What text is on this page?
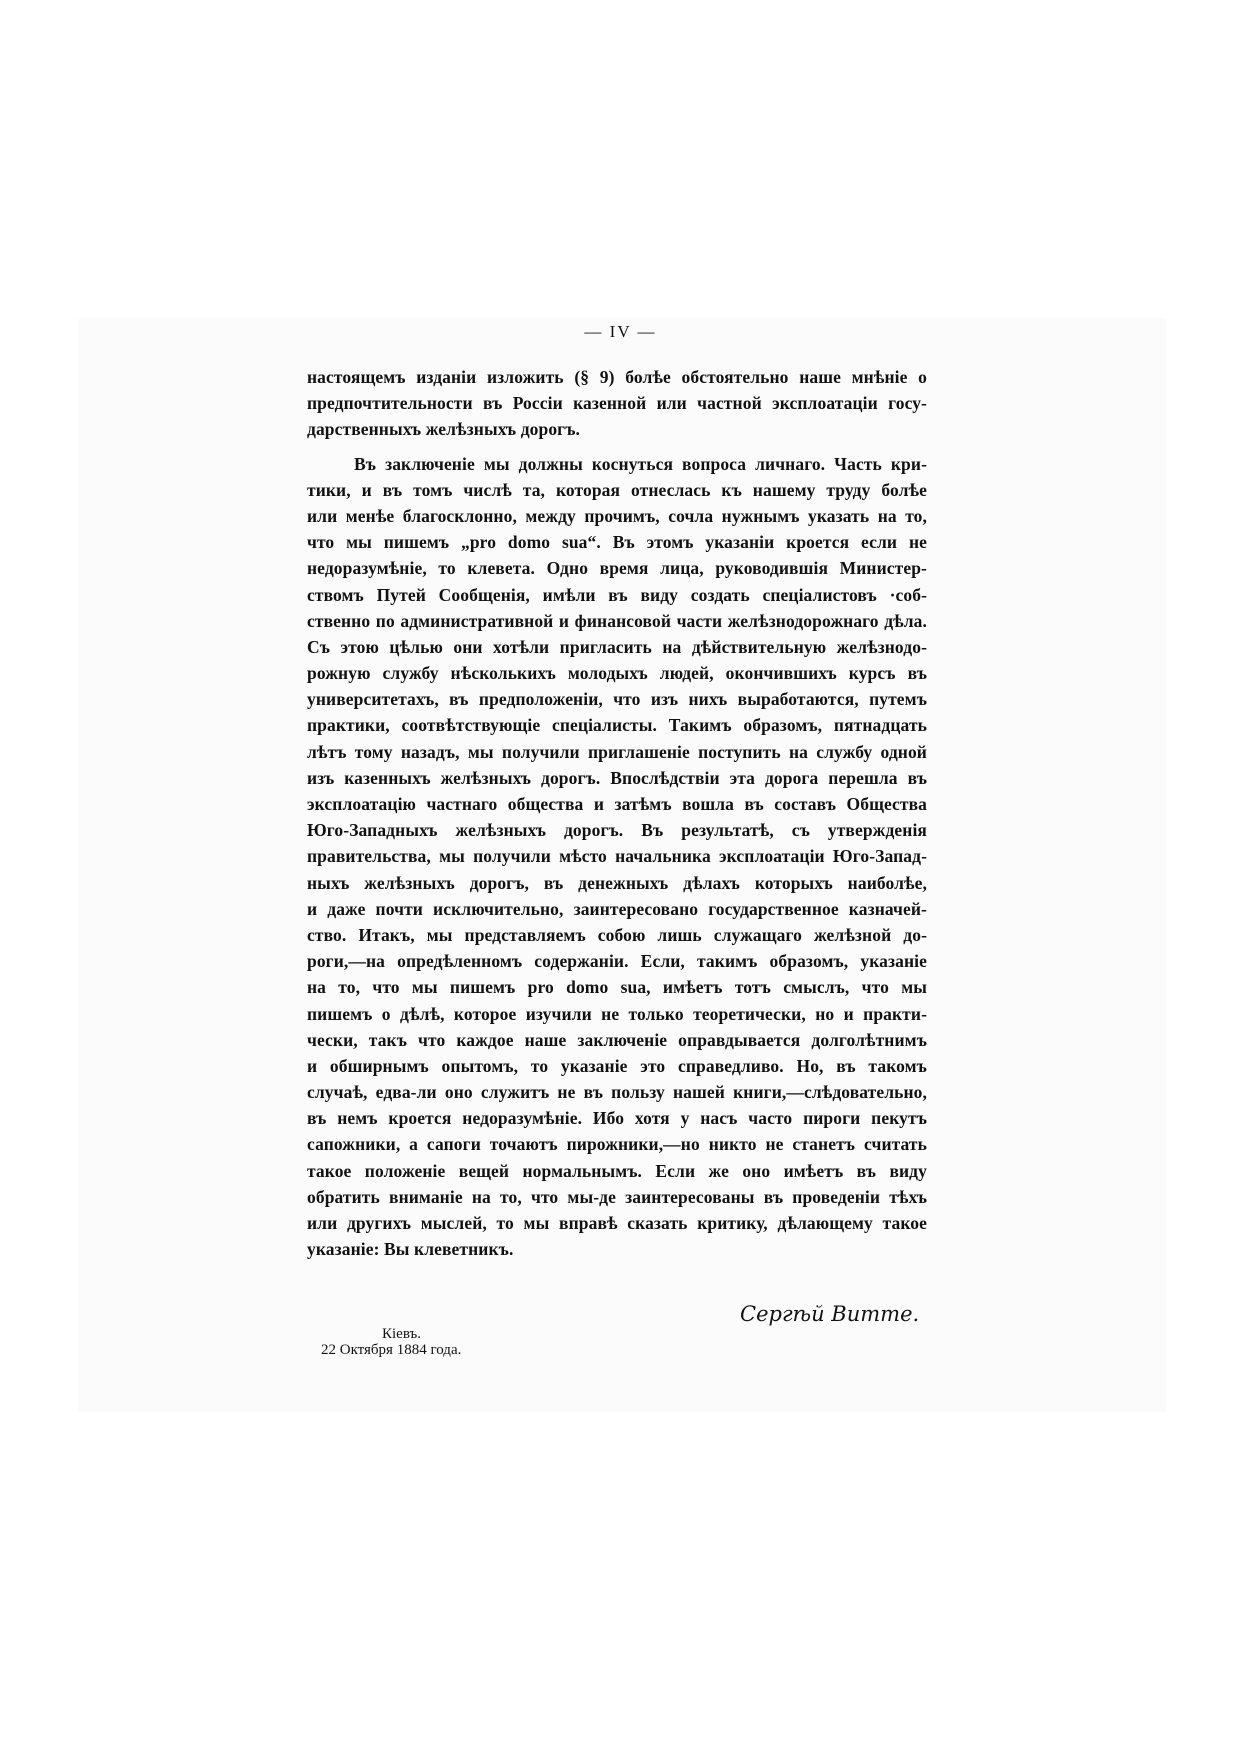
— IV —
настоящемъ изданіи изложить (§ 9) болѣе обстоятельно наше мнѣніе о
предпочтительности въ Россіи казенной или частной эксплоатаціи госу-
дарственныхъ желѣзныхъ дорогъ.
Въ заключеніе мы должны коснуться вопроса личнаго. Часть кри-
тики, и въ томъ числѣ та, которая отнеслась къ нашему труду болѣе
или менѣе благосклонно, между прочимъ, сочла нужнымъ указать на то,
что мы пишемъ „pro domo sua“. Въ этомъ указаніи кроется если не
недоразумѣніе, то клевета. Одно время лица, руководившія Министер-
ствомъ Путей Сообщенія, имѣли въ виду создать спеціалистовъ ·соб-
ственно по административной и финансовой части желѣзнодорожнаго дѣла.
Съ этою цѣлью они хотѣли пригласить на дѣйствительную желѣзнодо-
рожную службу нѣсколькихъ молодыхъ людей, окончившихъ курсъ въ
университетахъ, въ предположеніи, что изъ нихъ выработаются, путемъ
практики, соотвѣтствующіе спеціалисты. Такимъ образомъ, пятнадцать
лѣтъ тому назадъ, мы получили приглашеніе поступить на службу одной
изъ казенныхъ желѣзныхъ дорогъ. Впослѣдствіи эта дорога перешла въ
эксплоатацію частнаго общества и затѣмъ вошла въ составъ Общества
Юго-Западныхъ желѣзныхъ дорогъ. Въ результатѣ, съ утвержденія
правительства, мы получили мѣсто начальника эксплоатаціи Юго-Запад-
ныхъ желѣзныхъ дорогъ, въ денежныхъ дѣлахъ которыхъ наиболѣе,
и даже почти исключительно, заинтересовано государственное казначей-
ство. Итакъ, мы представляемъ собою лишь служащаго желѣзной до-
роги,—на опредѣленномъ содержаніи. Если, такимъ образомъ, указаніе
на то, что мы пишемъ pro domo sua, имѣетъ тотъ смыслъ, что мы
пишемъ о дѣлѣ, которое изучили не только теоретически, но и практи-
чески, такъ что каждое наше заключеніе оправдывается долголѣтнимъ
и обширнымъ опытомъ, то указаніе это справедливо. Но, въ такомъ
случаѣ, едва-ли оно служитъ не въ пользу нашей книги,—слѣдовательно,
въ немъ кроется недоразумѣніе. Ибо хотя у насъ часто пироги пекутъ
сапожники, а сапоги точаютъ пирожники,—но никто не станетъ считать
такое положеніе вещей нормальнымъ. Если же оно имѣетъ въ виду
обратить вниманіе на то, что мы-де заинтересованы въ проведеніи тѣхъ
или другихъ мыслей, то мы вправѣ сказать критику, дѣлающему такое
указаніе: Вы клеветникъ.
Сергѣй Витте.
Кіевъ.
22 Октября 1884 года.
